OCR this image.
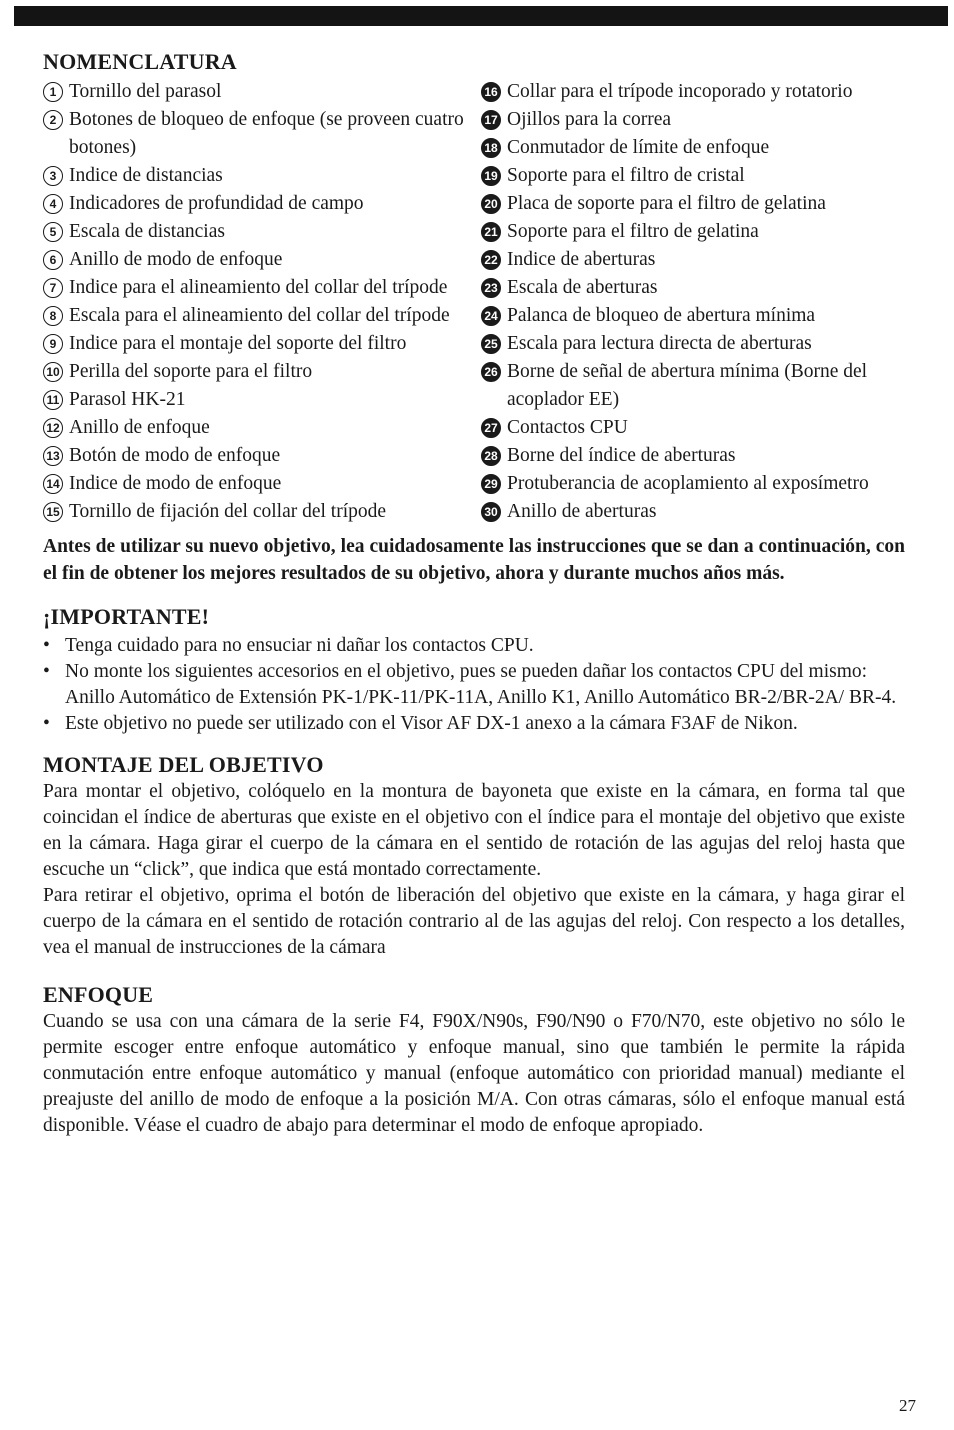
NOMENCLATURA
1 Tornillo del parasol
2 Botones de bloqueo de enfoque (se proveen cuatro botones)
3 Indice de distancias
4 Indicadores de profundidad de campo
5 Escala de distancias
6 Anillo de modo de enfoque
7 Indice para el alineamiento del collar del trípode
8 Escala para el alineamiento del collar del trípode
9 Indice para el montaje del soporte del filtro
10 Perilla del soporte para el filtro
11 Parasol HK-21
12 Anillo de enfoque
13 Botón de modo de enfoque
14 Indice de modo de enfoque
15 Tornillo de fijación del collar del trípode
16 Collar para el trípode incoporado y rotatorio
17 Ojillos para la correa
18 Conmutador de límite de enfoque
19 Soporte para el filtro de cristal
20 Placa de soporte para el filtro de gelatina
21 Soporte para el filtro de gelatina
22 Indice de aberturas
23 Escala de aberturas
24 Palanca de bloqueo de abertura mínima
25 Escala para lectura directa de aberturas
26 Borne de señal de abertura mínima (Borne del acoplador EE)
27 Contactos CPU
28 Borne del índice de aberturas
29 Protuberancia de acoplamiento al exposímetro
30 Anillo de aberturas
Antes de utilizar su nuevo objetivo, lea cuidadosamente las instrucciones que se dan a continuación, con el fin de obtener los mejores resultados de su objetivo, ahora y durante muchos años más.
¡IMPORTANTE!
• Tenga cuidado para no ensuciar ni dañar los contactos CPU.
• No monte los siguientes accesorios en el objetivo, pues se pueden dañar los contactos CPU del mismo:
Anillo Automático de Extensión PK-1/PK-11/PK-11A, Anillo K1, Anillo Automático BR-2/BR-2A/ BR-4.
• Este objetivo no puede ser utilizado con el Visor AF DX-1 anexo a la cámara F3AF de Nikon.
MONTAJE DEL OBJETIVO

Para montar el objetivo, colóquelo en la montura de bayoneta que existe en la cámara, en forma tal que coincidan el índice de aberturas que existe en el objetivo con el índice para el montaje del objetivo que existe en la cámara. Haga girar el cuerpo de la cámara en el sentido de rotación de las agujas del reloj hasta que escuche un “click”, que indica que está montado correctamente.

Para retirar el objetivo, oprima el botón de liberación del objetivo que existe en la cámara, y haga girar el cuerpo de la cámara en el sentido de rotación contrario al de las agujas del reloj. Con respecto a los detalles, vea el manual de instrucciones de la cámara

ENFOQUE

Cuando se usa con una cámara de la serie F4, F90X/N90s, F90/N90 o F70/N70, este objetivo no sólo le permite escoger entre enfoque automático y enfoque manual, sino que también le permite la rápida conmutación entre enfoque automático y manual (enfoque automático con prioridad manual) mediante el preajuste del anillo de modo de enfoque a la posición M/A. Con otras cámaras, sólo el enfoque manual está disponible. Véase el cuadro de abajo para determinar el modo de enfoque apropiado.

27
